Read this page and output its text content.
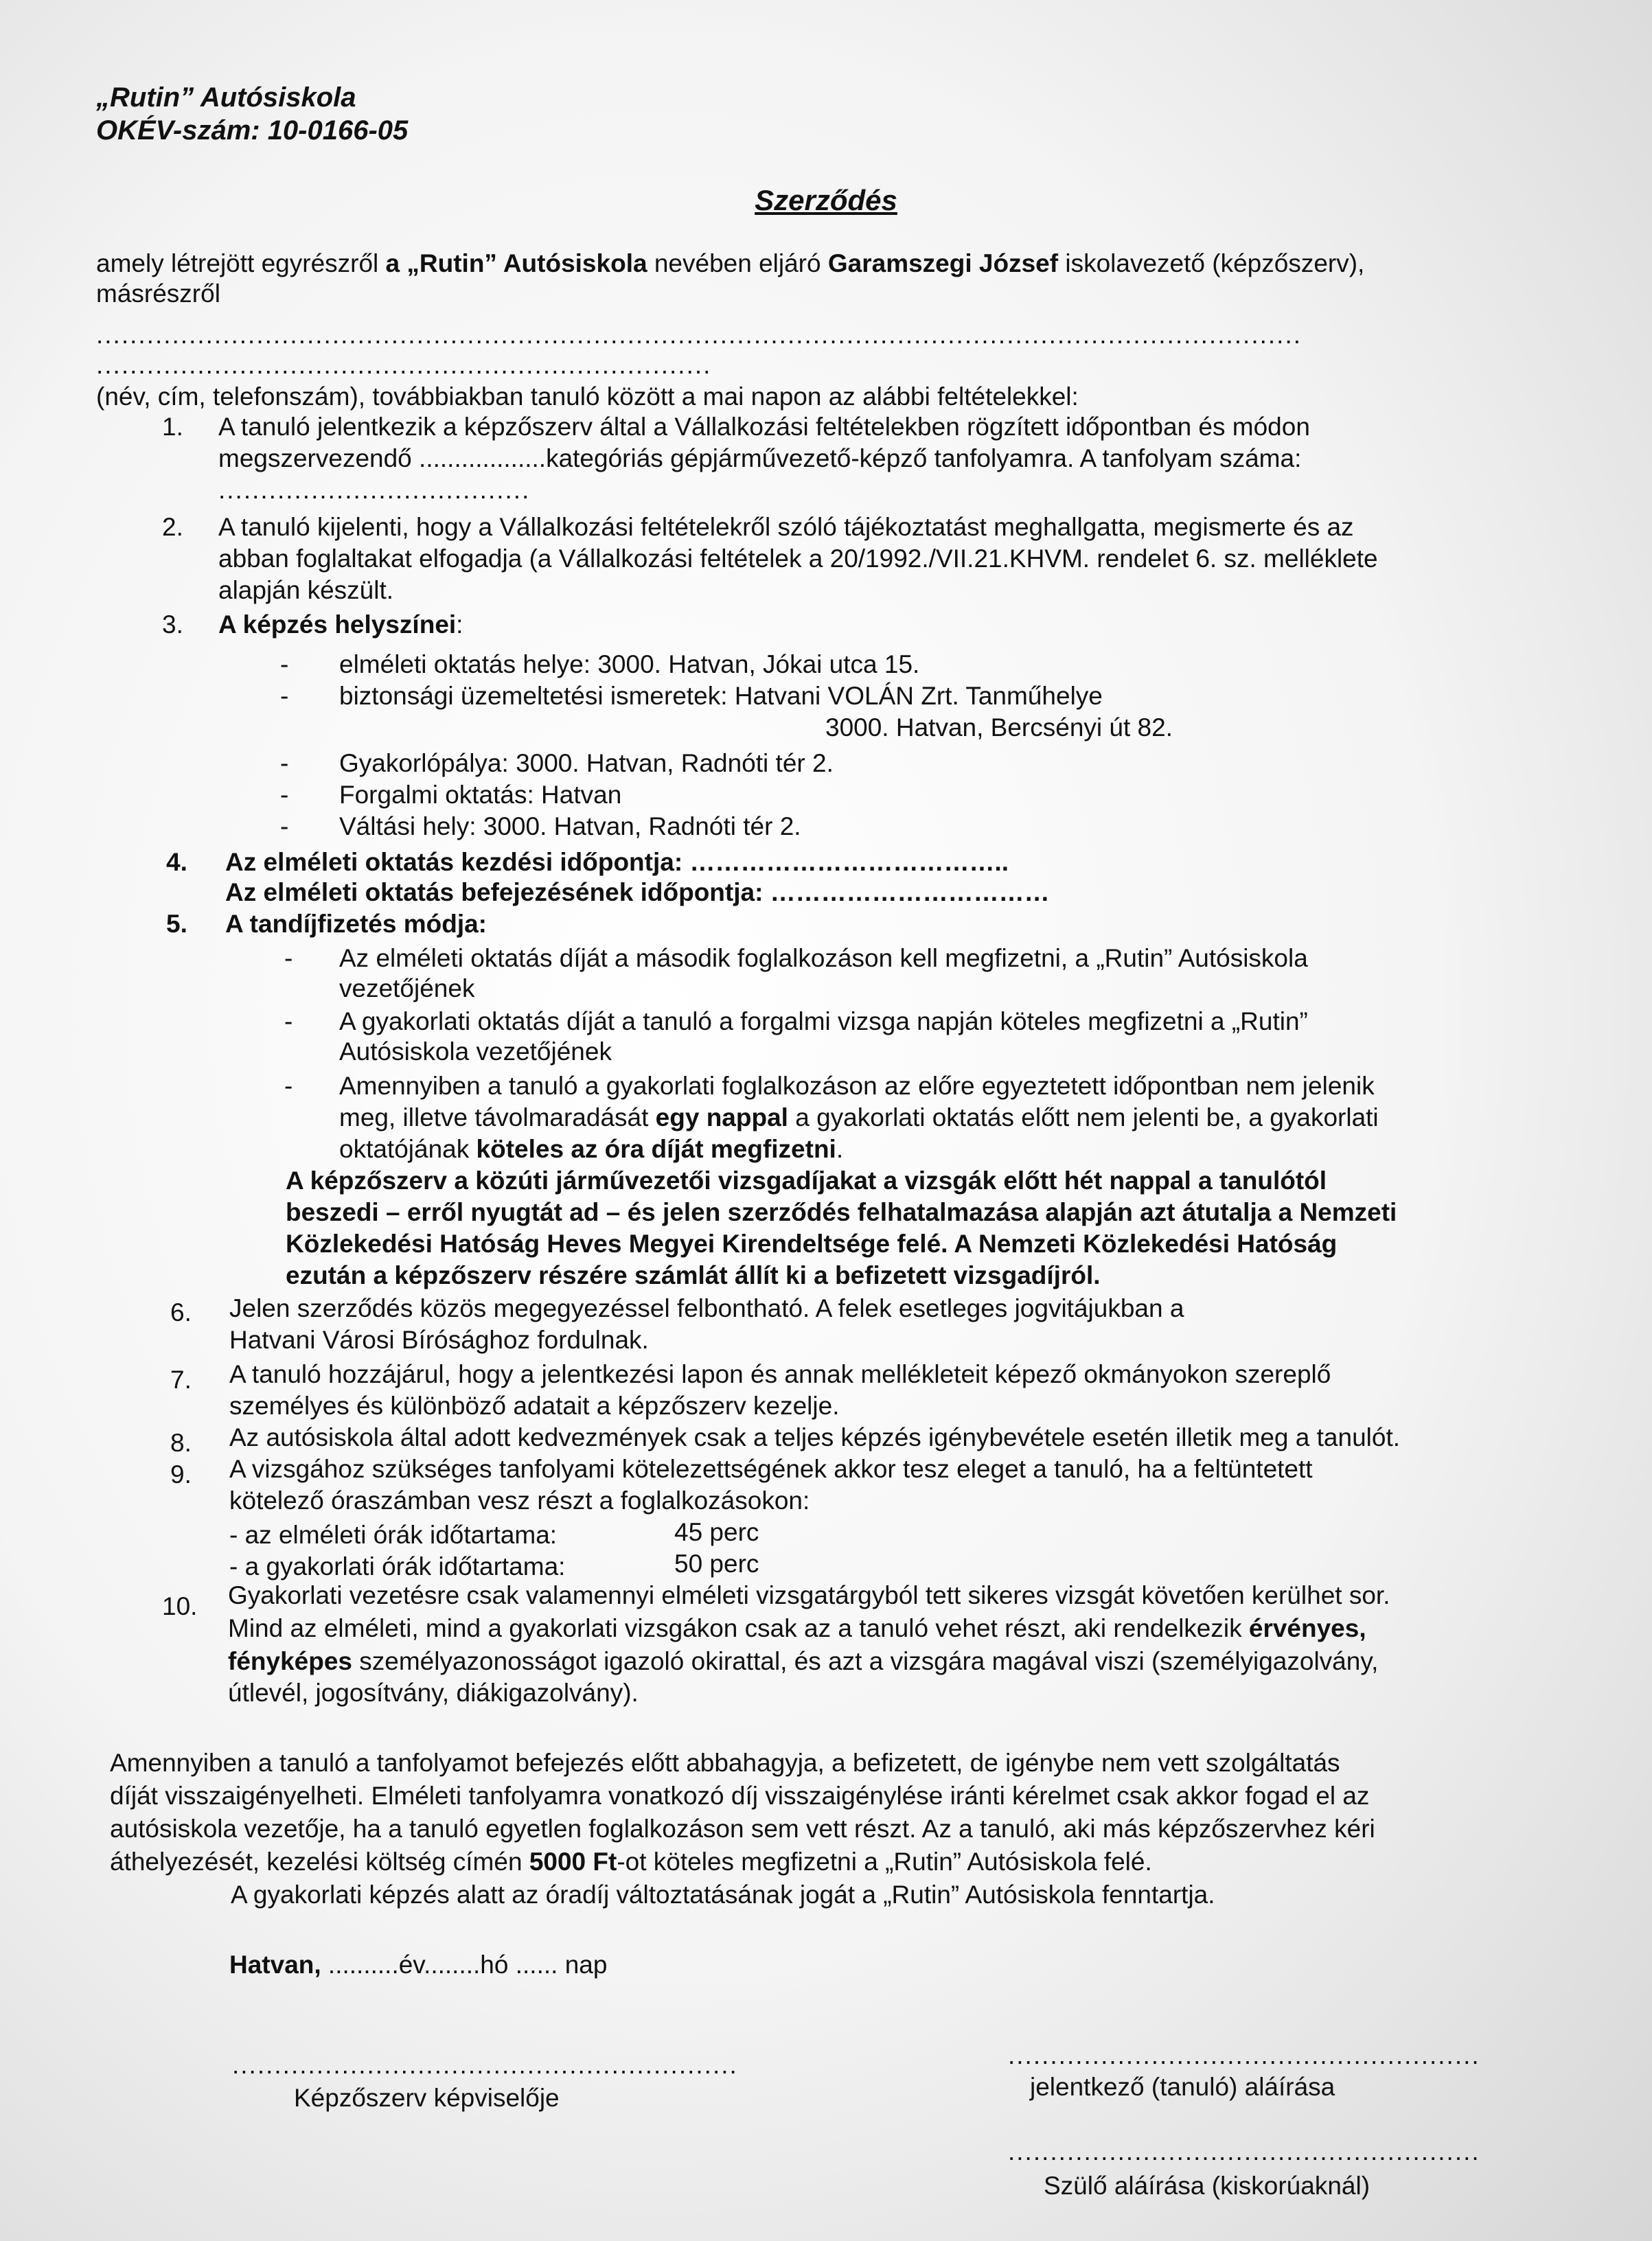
„Rutin” Autósiskola
OKÉV-szám: 10-0166-05
Szerződés
amely létrejött egyrészről a „Rutin” Autósiskola nevében eljáró Garamszegi József iskolavezető (képzőszerv),
másrészről
...............................................................................................................................................
.........................................................................
(név, cím, telefonszám), továbbiakban tanuló között a mai napon az alábbi feltételekkel:
1. A tanuló jelentkezik a képzőszerv által a Vállalkozási feltételekben rögzített időpontban és módon
megszervezendő ..................kategóriás gépjárművezető-képző tanfolyamra. A tanfolyam száma:
.....................................
2. A tanuló kijelenti, hogy a Vállalkozási feltételekről szóló tájékoztatást meghallgatta, megismerte és az
abban foglaltakat elfogadja (a Vállalkozási feltételek a 20/1992./VII.21.KHVM. rendelet 6. sz. melléklete
alapján készült.
3. A képzés helyszínei:
- elméleti oktatás helye: 3000. Hatvan, Jókai utca 15.
- biztonsági üzemeltetési ismeretek: Hatvani VOLÁN Zrt. Tanműhelye
3000. Hatvan, Bercsényi út 82.
- Gyakorlópálya: 3000. Hatvan, Radnóti tér 2.
- Forgalmi oktatás: Hatvan
- Váltási hely: 3000. Hatvan, Radnóti tér 2.
4. Az elméleti oktatás kezdési időpontja: ………………………………..
Az elméleti oktatás befejezésének időpontja: ……………………………
5. A tandíjfizetés módja:
- Az elméleti oktatás díját a második foglalkozáson kell megfizetni, a „Rutin” Autósiskola
vezetőjének
- A gyakorlati oktatás díját a tanuló a forgalmi vizsga napján köteles megfizetni a „Rutin”
Autósiskola vezetőjének
- Amennyiben a tanuló a gyakorlati foglalkozáson az előre egyeztetett időpontban nem jelenik
meg, illetve távolmaradását egy nappal a gyakorlati oktatás előtt nem jelenti be, a gyakorlati
oktatójának köteles az óra díját megfizetni.
A képzőszerv a közúti járművezetői vizsgadíjakat a vizsgák előtt hét nappal a tanulótól
beszedi – erről nyugtát ad – és jelen szerződés felhatalmazása alapján azt átutalja a Nemzeti
Közlekedési Hatóság Heves Megyei Kirendeltsége felé. A Nemzeti Közlekedési Hatóság
ezután a képzőszerv részére számlát állít ki a befizetett vizsgadíjról.
6. Jelen szerződés közös megegyezéssel felbontható. A felek esetleges jogvitájukban a
Hatvani Városi Bírósághoz fordulnak.
7. A tanuló hozzájárul, hogy a jelentkezési lapon és annak mellékleteit képező okmányokon szereplő
személyes és különböző adatait a képzőszerv kezelje.
8. Az autósiskola által adott kedvezmények csak a teljes képzés igénybevétele esetén illetik meg a tanulót.
9. A vizsgához szükséges tanfolyami kötelezettségének akkor tesz eleget a tanuló, ha a feltüntetett
kötelező óraszámban vesz részt a foglalkozásokon:
- az elméleti órák időtartama:	45 perc
- a gyakorlati órák időtartama:	50 perc
10. Gyakorlati vezetésre csak valamennyi elméleti vizsgatárgyból tett sikeres vizsgát követően kerülhet sor.
Mind az elméleti, mind a gyakorlati vizsgákon csak az a tanuló vehet részt, aki rendelkezik érvényes,
fényképes személyazonosságot igazoló okirattal, és azt a vizsgára magával viszi (személyigazolvány,
útlevél, jogosítvány, diákigazolvány).
Amennyiben a tanuló a tanfolyamot befejezés előtt abbahagyja, a befizetett, de igénybe nem vett szolgáltatás
díját visszaigényelheti. Elméleti tanfolyamra vonatkozó díj visszaigénylése iránti kérelmet csak akkor fogad el az
autósiskola vezetője, ha a tanuló egyetlen foglalkozáson sem vett részt. Az a tanuló, aki más képzőszervhez kéri
áthelyezését, kezelési költség címén 5000 Ft-ot köteles megfizetni a „Rutin” Autósiskola felé.
A gyakorlati képzés alatt az óradíj változtatásának jogát a „Rutin” Autósiskola fenntartja.
Hatvan, ..........év........hó ...... nap
............................................................
Képzőszerv képviselője
........................................................
jelentkező (tanuló) aláírása
........................................................
Szülő aláírása (kiskorúaknál)
